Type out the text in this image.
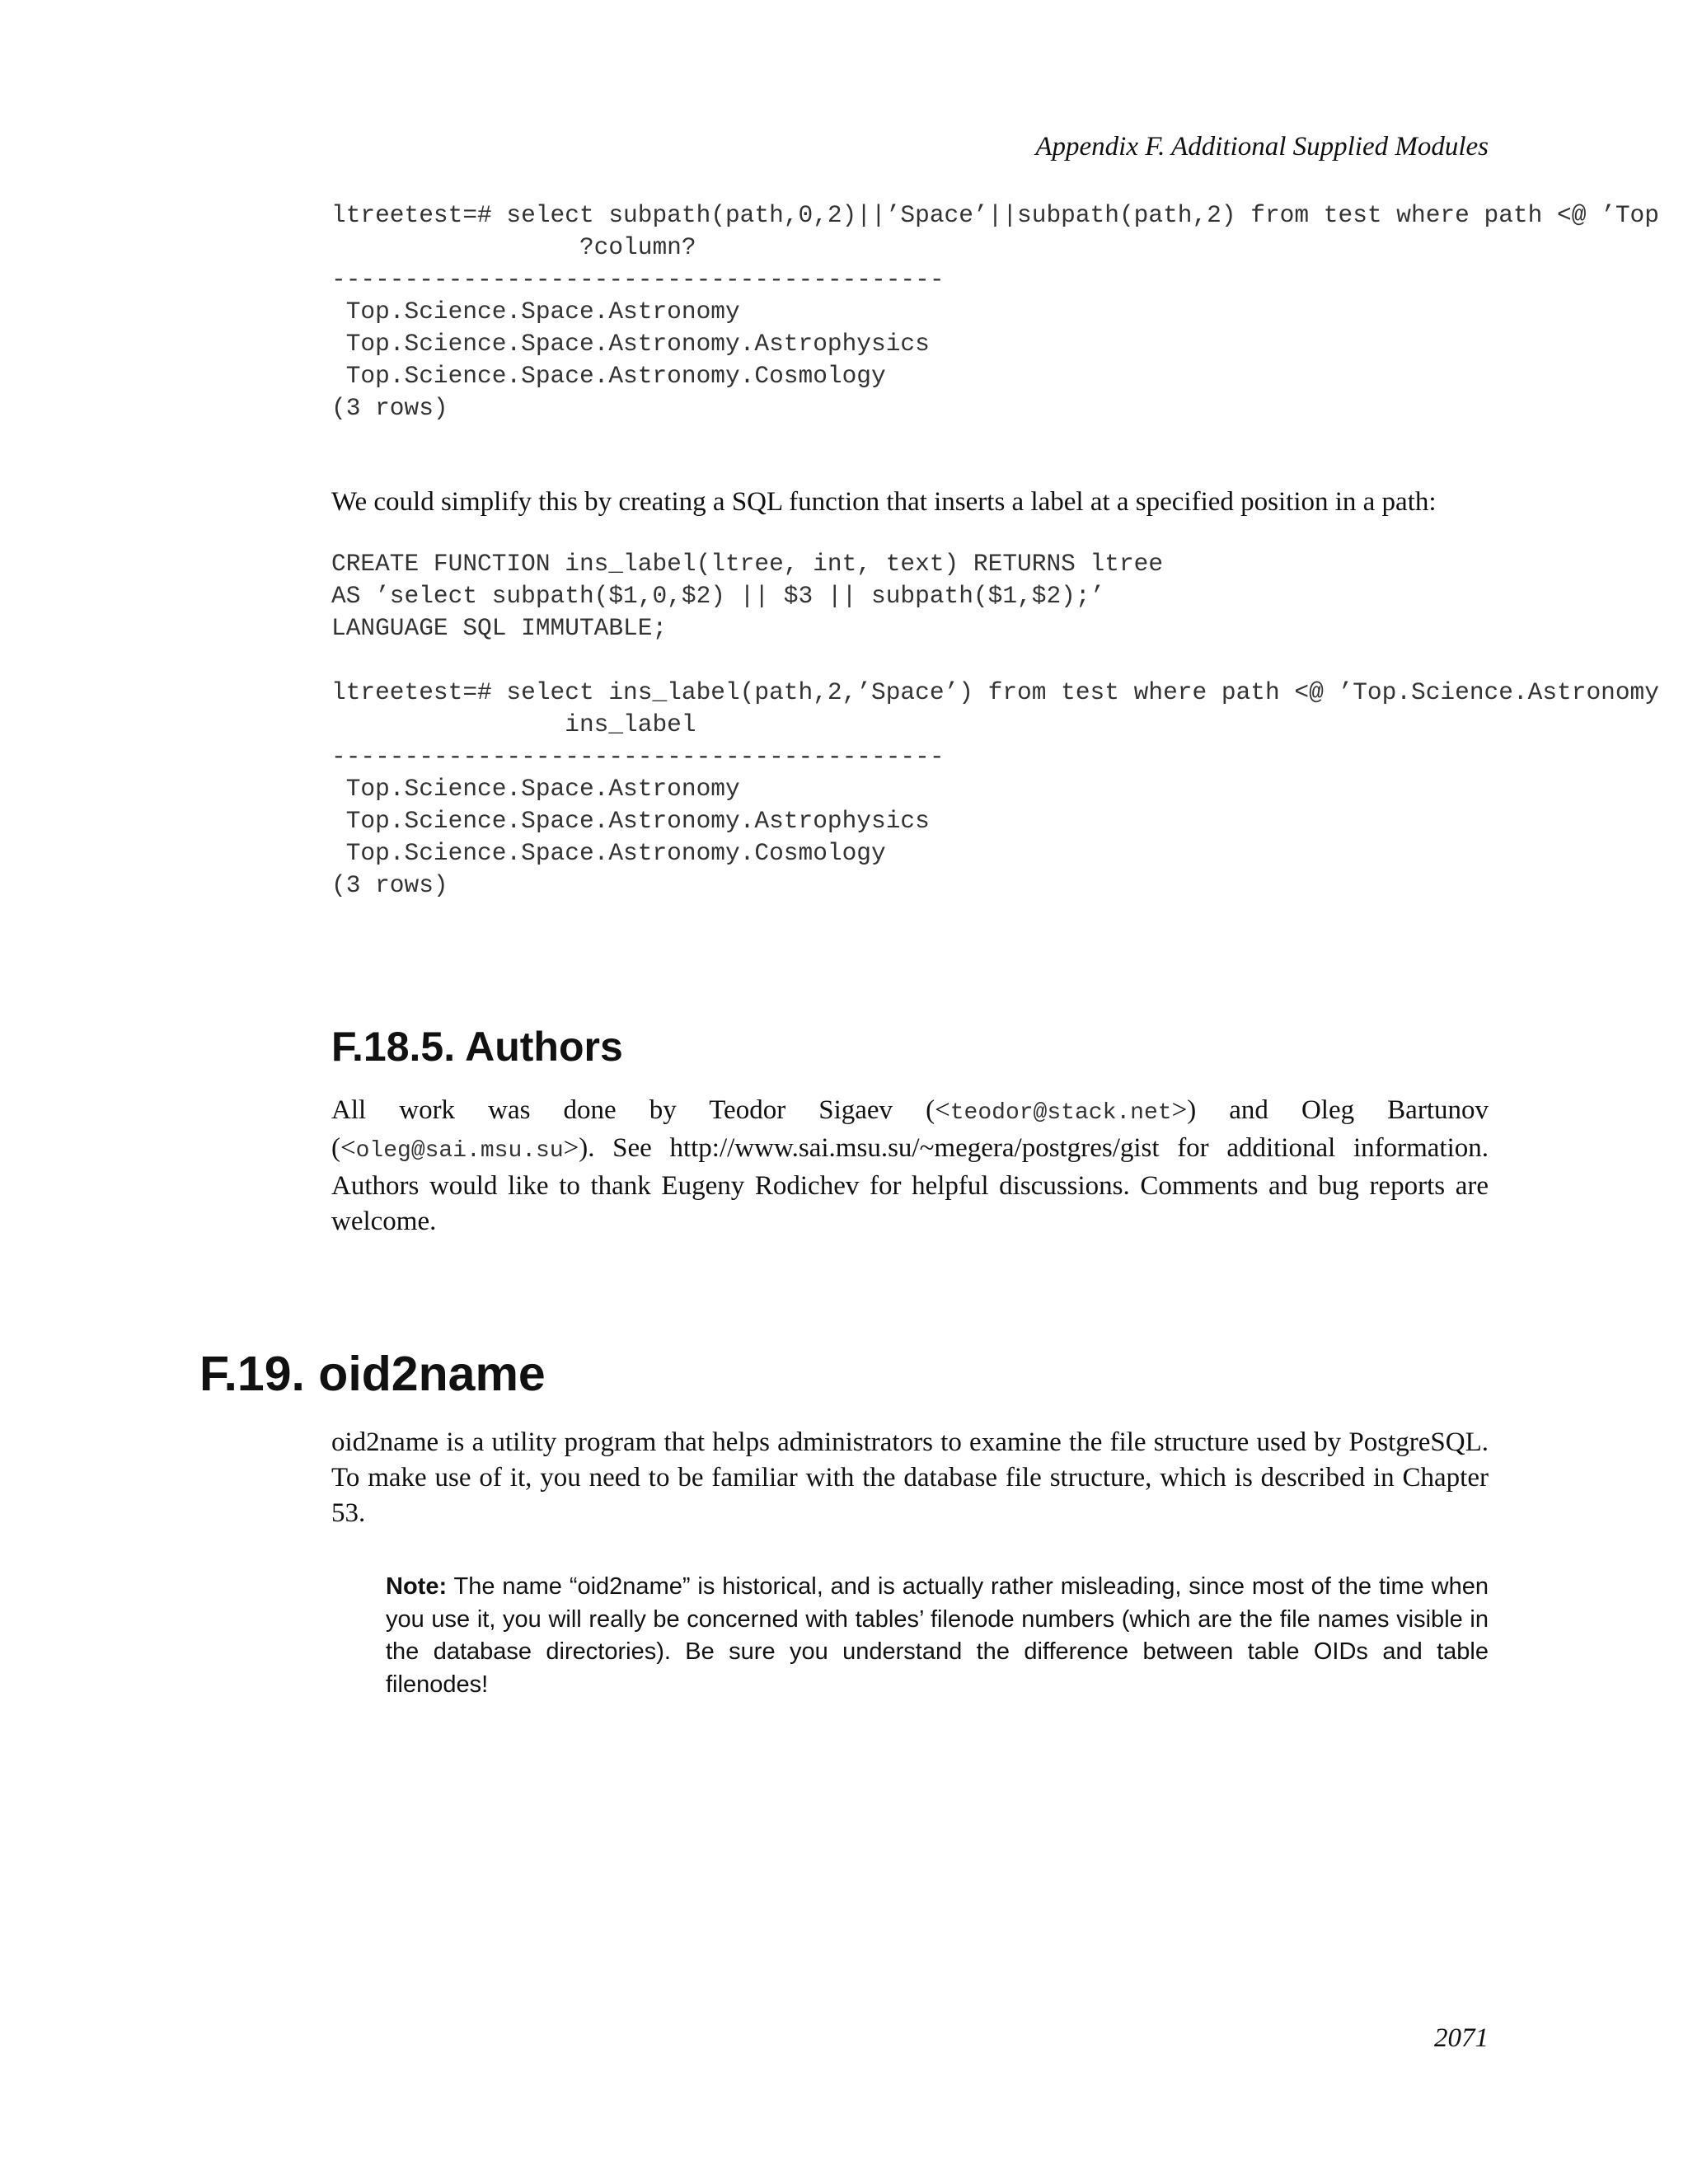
Appendix F. Additional Supplied Modules
ltreetest=# select subpath(path,0,2)||’Space’||subpath(path,2) from test where path <@ ’Top
?column?
------------------------------------------
Top.Science.Space.Astronomy
Top.Science.Space.Astronomy.Astrophysics
Top.Science.Space.Astronomy.Cosmology
(3 rows)

We could simplify this by creating a SQL function that inserts a label at a specified position in a path:

CREATE FUNCTION ins_label(ltree, int, text) RETURNS ltree
AS ’select subpath($1,0,$2) || $3 || subpath($1,$2);’
LANGUAGE SQL IMMUTABLE;

ltreetest=# select ins_label(path,2,’Space’) from test where path <@ ’Top.Science.Astronomy
ins_label
------------------------------------------
Top.Science.Space.Astronomy
Top.Science.Space.Astronomy.Astrophysics
Top.Science.Space.Astronomy.Cosmology
(3 rows)
F.18.5. Authors

All work was done by Teodor Sigaev (<teodor@stack.net>) and Oleg Bartunov (<oleg@sai.msu.su>). See http://www.sai.msu.su/~megera/postgres/gist for additional information. Authors would like to thank Eugeny Rodichev for helpful discussions. Comments and bug reports are welcome.

F.19. oid2name

oid2name is a utility program that helps administrators to examine the file structure used by PostgreSQL. To make use of it, you need to be familiar with the database file structure, which is described in Chapter 53.

Note: The name “oid2name” is historical, and is actually rather misleading, since most of the time when you use it, you will really be concerned with tables’ filenode numbers (which are the file names visible in the database directories). Be sure you understand the difference between table OIDs and table filenodes!
2071
